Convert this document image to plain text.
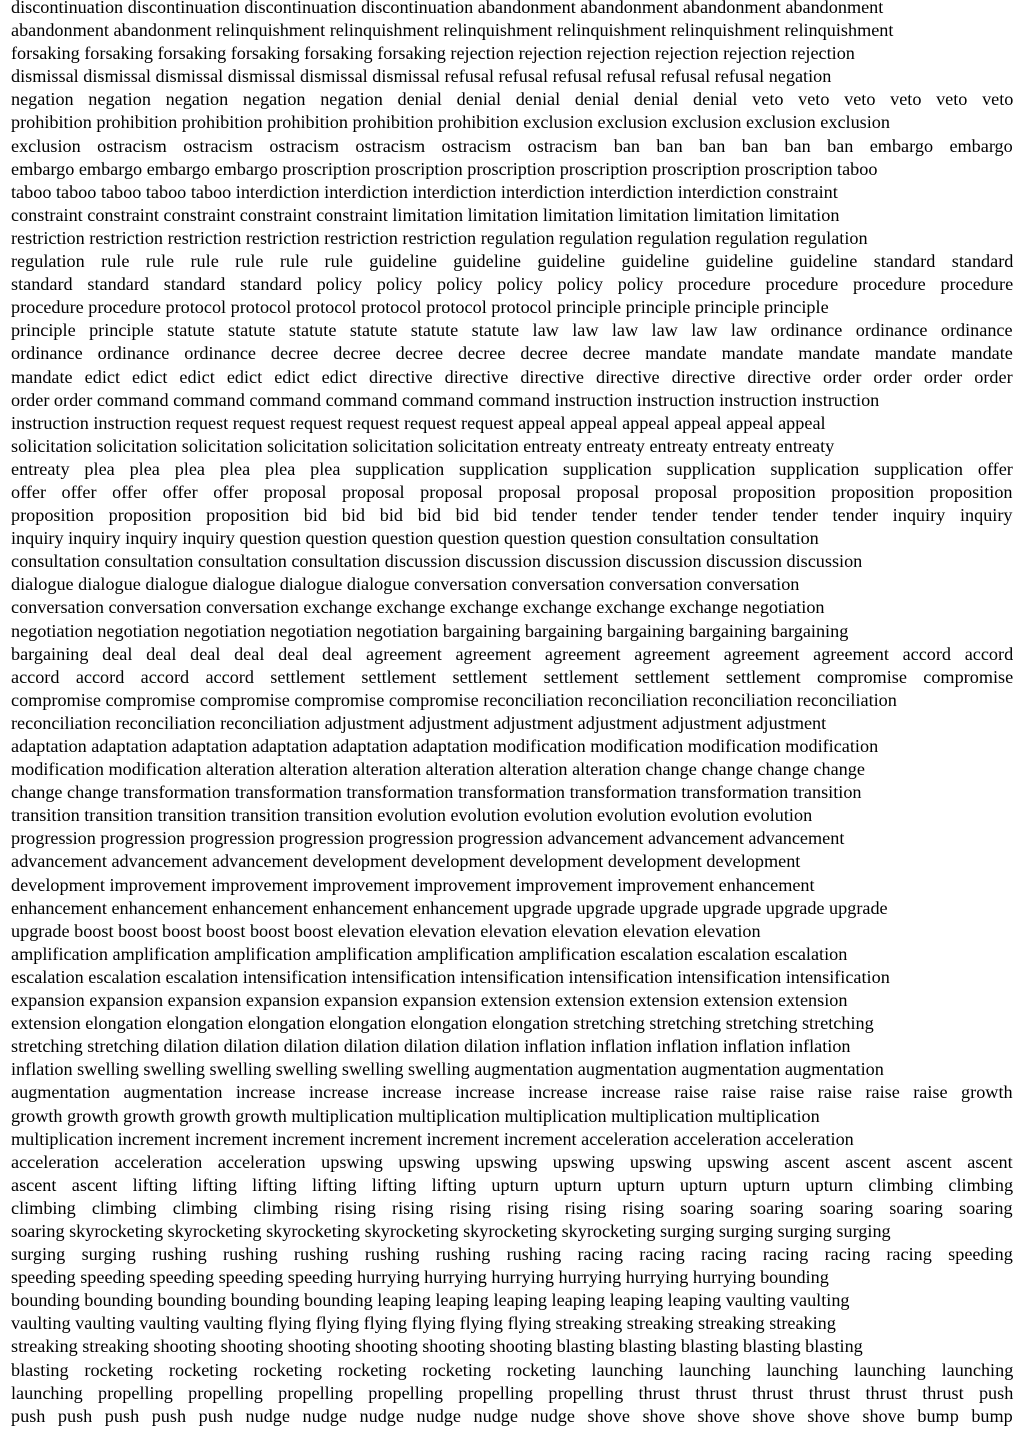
discontinuation discontinuation discontinuation discontinuation abandonment abandonment abandonment abandonment
abandonment abandonment relinquishment relinquishment relinquishment relinquishment relinquishment relinquishment
forsaking forsaking forsaking forsaking forsaking forsaking rejection rejection rejection rejection rejection rejection
dismissal dismissal dismissal dismissal dismissal dismissal refusal refusal refusal refusal refusal refusal negation
negation negation negation negation negation denial denial denial denial denial denial veto veto veto veto veto veto
prohibition prohibition prohibition prohibition prohibition prohibition exclusion exclusion exclusion exclusion exclusion
exclusion ostracism ostracism ostracism ostracism ostracism ostracism ban ban ban ban ban ban embargo embargo
embargo embargo embargo embargo proscription proscription proscription proscription proscription proscription taboo
taboo taboo taboo taboo taboo interdiction interdiction interdiction interdiction interdiction interdiction constraint
constraint constraint constraint constraint constraint limitation limitation limitation limitation limitation limitation
restriction restriction restriction restriction restriction restriction regulation regulation regulation regulation regulation
regulation rule rule rule rule rule rule guideline guideline guideline guideline guideline guideline standard standard
standard standard standard standard policy policy policy policy policy policy procedure procedure procedure procedure
procedure procedure protocol protocol protocol protocol protocol protocol principle principle principle principle
principle principle statute statute statute statute statute statute law law law law law law ordinance ordinance ordinance
ordinance ordinance ordinance decree decree decree decree decree decree mandate mandate mandate mandate mandate
mandate edict edict edict edict edict edict directive directive directive directive directive directive order order order order
order order command command command command command command instruction instruction instruction instruction
instruction instruction request request request request request request appeal appeal appeal appeal appeal appeal
solicitation solicitation solicitation solicitation solicitation solicitation entreaty entreaty entreaty entreaty entreaty
entreaty plea plea plea plea plea plea supplication supplication supplication supplication supplication supplication offer
offer offer offer offer offer proposal proposal proposal proposal proposal proposal proposition proposition proposition
proposition proposition proposition bid bid bid bid bid bid tender tender tender tender tender tender inquiry inquiry
inquiry inquiry inquiry inquiry question question question question question question consultation consultation
consultation consultation consultation consultation discussion discussion discussion discussion discussion discussion
dialogue dialogue dialogue dialogue dialogue dialogue conversation conversation conversation conversation
conversation conversation conversation exchange exchange exchange exchange exchange exchange negotiation
negotiation negotiation negotiation negotiation negotiation bargaining bargaining bargaining bargaining bargaining
bargaining deal deal deal deal deal deal agreement agreement agreement agreement agreement agreement accord accord
accord accord accord accord settlement settlement settlement settlement settlement settlement compromise compromise
compromise compromise compromise compromise compromise reconciliation reconciliation reconciliation reconciliation
reconciliation reconciliation reconciliation adjustment adjustment adjustment adjustment adjustment adjustment
adaptation adaptation adaptation adaptation adaptation adaptation modification modification modification modification
modification modification alteration alteration alteration alteration alteration alteration change change change change
change change transformation transformation transformation transformation transformation transformation transition
transition transition transition transition transition evolution evolution evolution evolution evolution evolution
progression progression progression progression progression progression advancement advancement advancement
advancement advancement advancement development development development development development
development improvement improvement improvement improvement improvement improvement enhancement
enhancement enhancement enhancement enhancement enhancement upgrade upgrade upgrade upgrade upgrade upgrade
upgrade boost boost boost boost boost boost elevation elevation elevation elevation elevation elevation
amplification amplification amplification amplification amplification amplification escalation escalation escalation
escalation escalation escalation intensification intensification intensification intensification intensification intensification
expansion expansion expansion expansion expansion expansion extension extension extension extension extension
extension elongation elongation elongation elongation elongation elongation stretching stretching stretching stretching
stretching stretching dilation dilation dilation dilation dilation dilation inflation inflation inflation inflation inflation
inflation swelling swelling swelling swelling swelling swelling augmentation augmentation augmentation augmentation
augmentation augmentation increase increase increase increase increase increase raise raise raise raise raise raise growth
growth growth growth growth growth multiplication multiplication multiplication multiplication multiplication
multiplication increment increment increment increment increment increment acceleration acceleration acceleration
acceleration acceleration acceleration upswing upswing upswing upswing upswing upswing ascent ascent ascent ascent
ascent ascent lifting lifting lifting lifting lifting lifting upturn upturn upturn upturn upturn upturn climbing climbing
climbing climbing climbing climbing rising rising rising rising rising rising soaring soaring soaring soaring soaring
soaring skyrocketing skyrocketing skyrocketing skyrocketing skyrocketing skyrocketing surging surging surging surging
surging surging rushing rushing rushing rushing rushing rushing racing racing racing racing racing racing speeding
speeding speeding speeding speeding speeding hurrying hurrying hurrying hurrying hurrying hurrying bounding
bounding bounding bounding bounding bounding leaping leaping leaping leaping leaping leaping vaulting vaulting
vaulting vaulting vaulting vaulting flying flying flying flying flying flying streaking streaking streaking streaking
streaking streaking shooting shooting shooting shooting shooting shooting blasting blasting blasting blasting blasting
blasting rocketing rocketing rocketing rocketing rocketing rocketing launching launching launching launching launching
launching propelling propelling propelling propelling propelling propelling thrust thrust thrust thrust thrust thrust push
push push push push push nudge nudge nudge nudge nudge nudge shove shove shove shove shove shove bump bump
